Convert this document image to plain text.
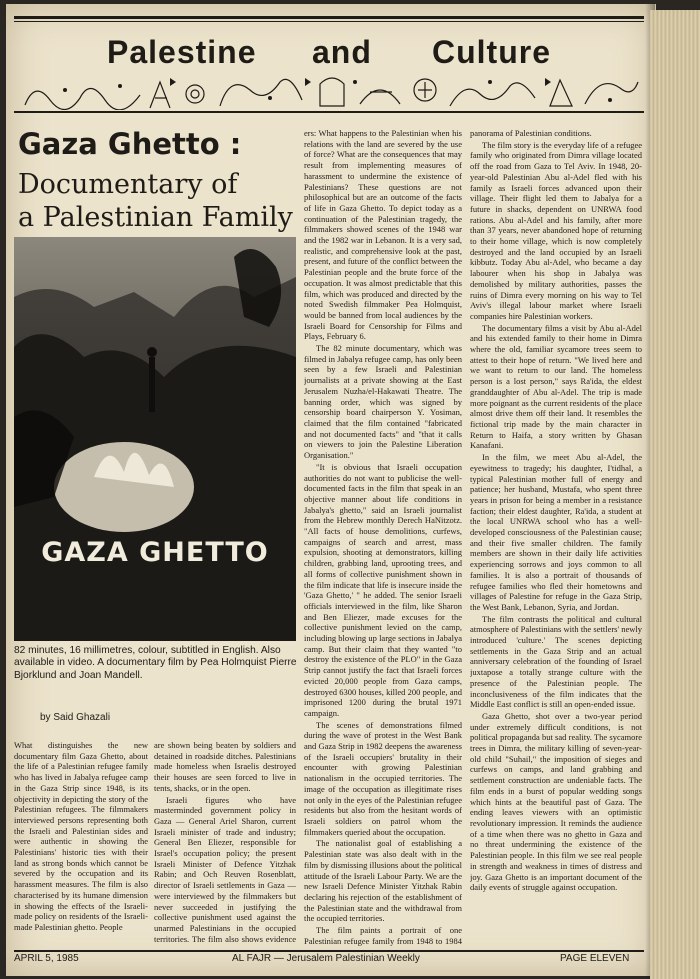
Palestine and Culture
Gaza Ghetto :
Documentary of
a Palestinian Family
GAZA GHETTO
82 minutes, 16 millimetres, colour, subtitled in English. Also available in video. A documentary film by Pea Holmquist Pierre Bjorklund and Joan Mandell.
by Said Ghazali

What distinguishes the new documentary film Gaza Ghetto, about the life of a Palestinian refugee family who has lived in Jabalya refugee camp in the Gaza Strip since 1948, is its objectivity in depicting the story of the Palestinian refugees. The filmmakers interviewed persons representing both the Israeli and Palestinian sides and were authentic in showing the Palestinians' historic ties with their land as strong bonds which cannot be severed by the occupation and its harassment measures. The film is also characterised by its humane dimension in showing the effects of the Israeli-made policy on residents of the Israeli-made Palestinian ghetto. People

are shown being beaten by soldiers and detained in roadside ditches. Palestinians made homeless when Israelis destroyed their houses are seen forced to live in tents, shacks, or in the open.

Israeli figures who have masterminded government policy in Gaza — General Ariel Sharon, current Israeli minister of trade and industry; General Ben Eliezer, responsible for Israel's occupation policy; the present Israeli Minister of Defence Yitzhak Rabin; and Och Reuven Rosenblatt, director of Israeli settlements in Gaza — were interviewed by the filmmakers but never succeeded in justifying the collective punishment used against the unarmed Palestinians in the occupied territories. The film also shows evidence

ers: What happens to the Palestinian when his relations with the land are severed by the use of force? What are the consequences that may result from implementing measures of harassment to undermine the existence of Palestinians? These questions are not philosophical but are an outcome of the facts of life in Gaza Ghetto. To depict today as a continuation of the Palestinian tragedy, the filmmakers showed scenes of the 1948 war and the 1982 war in Lebanon. It is a very sad, realistic, and comprehensive look at the past, present, and future of the conflict between the Palestinian people and the brute force of the occupation. It was almost predictable that this film, which was produced and directed by the noted Swedish filmmaker Pea Holmquist, would be banned from local audiences by the Israeli Board for Censorship for Films and Plays, February 6.

The 82 minute documentary, which was filmed in Jabalya refugee camp, has only been seen by a few Israeli and Palestinian journalists at a private showing at the East Jerusalem Nuzha/el-Hakawati Theatre. The banning order, which was signed by censorship board chairperson Y. Yosiman, claimed that the film contained "fabricated and not documented facts" and "that it calls on viewers to join the Palestine Liberation Organisation."

"It is obvious that Israeli occupation authorities do not want to publicise the well-documented facts in the film that speak in an objective manner about life conditions in Jabalya's ghetto," said an Israeli journalist from the Hebrew monthly Derech HaNitzotz. "All facts of house demolitions, curfews, campaigns of search and arrest, mass expulsion, shooting at demonstrators, killing children, grabbing land, uprooting trees, and all forms of collective punishment shown in the film indicate that life is insecure inside the 'Gaza Ghetto,' " he added. The senior Israeli officials interviewed in the film, like Sharon and Ben Eliezer, made excuses for the collective punishment levied on the camp, including blowing up large sections in Jabalya camp. But their claim that they wanted "to destroy the existence of the PLO" in the Gaza Strip cannot justify the fact that Israeli forces evicted 20,000 people from Gaza camps, destroyed 6300 houses, killed 200 people, and imprisoned 1200 during the brutal 1971 campaign.

The scenes of demonstrations filmed during the wave of protest in the West Bank and Gaza Strip in 1982 deepens the awareness of the Israeli occupiers' brutality in their encounter with growing Palestinian nationalism in the occupied territories. The image of the occupation as illegitimate rises not only in the eyes of the Palestinian refugee residents but also from the hesitant words of Israeli soldiers on patrol whom the filmmakers queried about the occupation.

The nationalist goal of establishing a Palestinian state was also dealt with in the film by dismissing illusions about the political attitude of the Israeli Labour Party. We are the new Israeli Defence Minister Yitzhak Rabin declaring his rejection of the establishment of the Palestinian state and the withdrawal from the occupied territories.

The film paints a portrait of one Palestinian refugee family from 1948 to 1984

panorama of Palestinian conditions.

The film story is the everyday life of a refugee family who originated from Dimra village located off the road from Gaza to Tel Aviv. In 1948, 20-year-old Palestinian Abu al-Adel fled with his family as Israeli forces advanced upon their village. Their flight led them to Jabalya for a future in shacks, dependent on UNRWA food rations. Abu al-Adel and his family, after more than 37 years, never abandoned hope of returning to their home village, which is now completely destroyed and the land occupied by an Israeli kibbutz. Today Abu al-Adel, who became a day labourer when his shop in Jabalya was demolished by military authorities, passes the ruins of Dimra every morning on his way to Tel Aviv's illegal labour market where Israeli companies hire Palestinian workers.

The documentary films a visit by Abu al-Adel and his extended family to their home in Dimra where the old, familiar sycamore trees seem to attest to their hope of return. "We lived here and we want to return to our land. The homeless person is a lost person," says Ra'ida, the eldest granddaughter of Abu al-Adel. The trip is made more poignant as the current residents of the place almost drive them off their land. It resembles the fictional trip made by the main character in Return to Haifa, a story written by Ghasan Kanafani.

In the film, we meet Abu al-Adel, the eyewitness to tragedy; his daughter, I'tidhal, a typical Palestinian mother full of energy and patience; her husband, Mustafa, who spent three years in prison for being a member in a resistance faction; their eldest daughter, Ra'ida, a student at the local UNRWA school who has a well-developed consciousness of the Palestinian cause; and their five smaller children. The family members are shown in their daily life activities experiencing sorrows and joys common to all families. It is also a portrait of thousands of refugee families who fled their hometowns and villages of Palestine for refuge in the Gaza Strip, the West Bank, Lebanon, Syria, and Jordan.

The film contrasts the political and cultural atmosphere of Palestinians with the settlers' newly introduced 'culture.' The scenes depicting settlements in the Gaza Strip and an actual anniversary celebration of the founding of Israel juxtapose a totally strange culture with the presence of the Palestinian people. The inconclusiveness of the film indicates that the Middle East conflict is still an open-ended issue.

Gaza Ghetto, shot over a two-year period under extremely difficult conditions, is not political propaganda but sad reality. The sycamore trees in Dimra, the military killing of seven-year-old child "Suhail," the imposition of sieges and curfews on camps, and land grabbing and settlement construction are undeniable facts. The film ends in a burst of popular wedding songs which hints at the beautiful past of Gaza. The ending leaves viewers with an optimistic revolutionary impression. It reminds the audience of a time when there was no ghetto in Gaza and no threat undermining the existence of the Palestinian people. In this film we see real people in strength and weakness in times of distress and joy. Gaza Ghetto is an important document of the daily events of struggle against occupation.

APRIL 5, 1985	AL FAJR — Jerusalem Palestinian Weekly	PAGE ELEVEN
